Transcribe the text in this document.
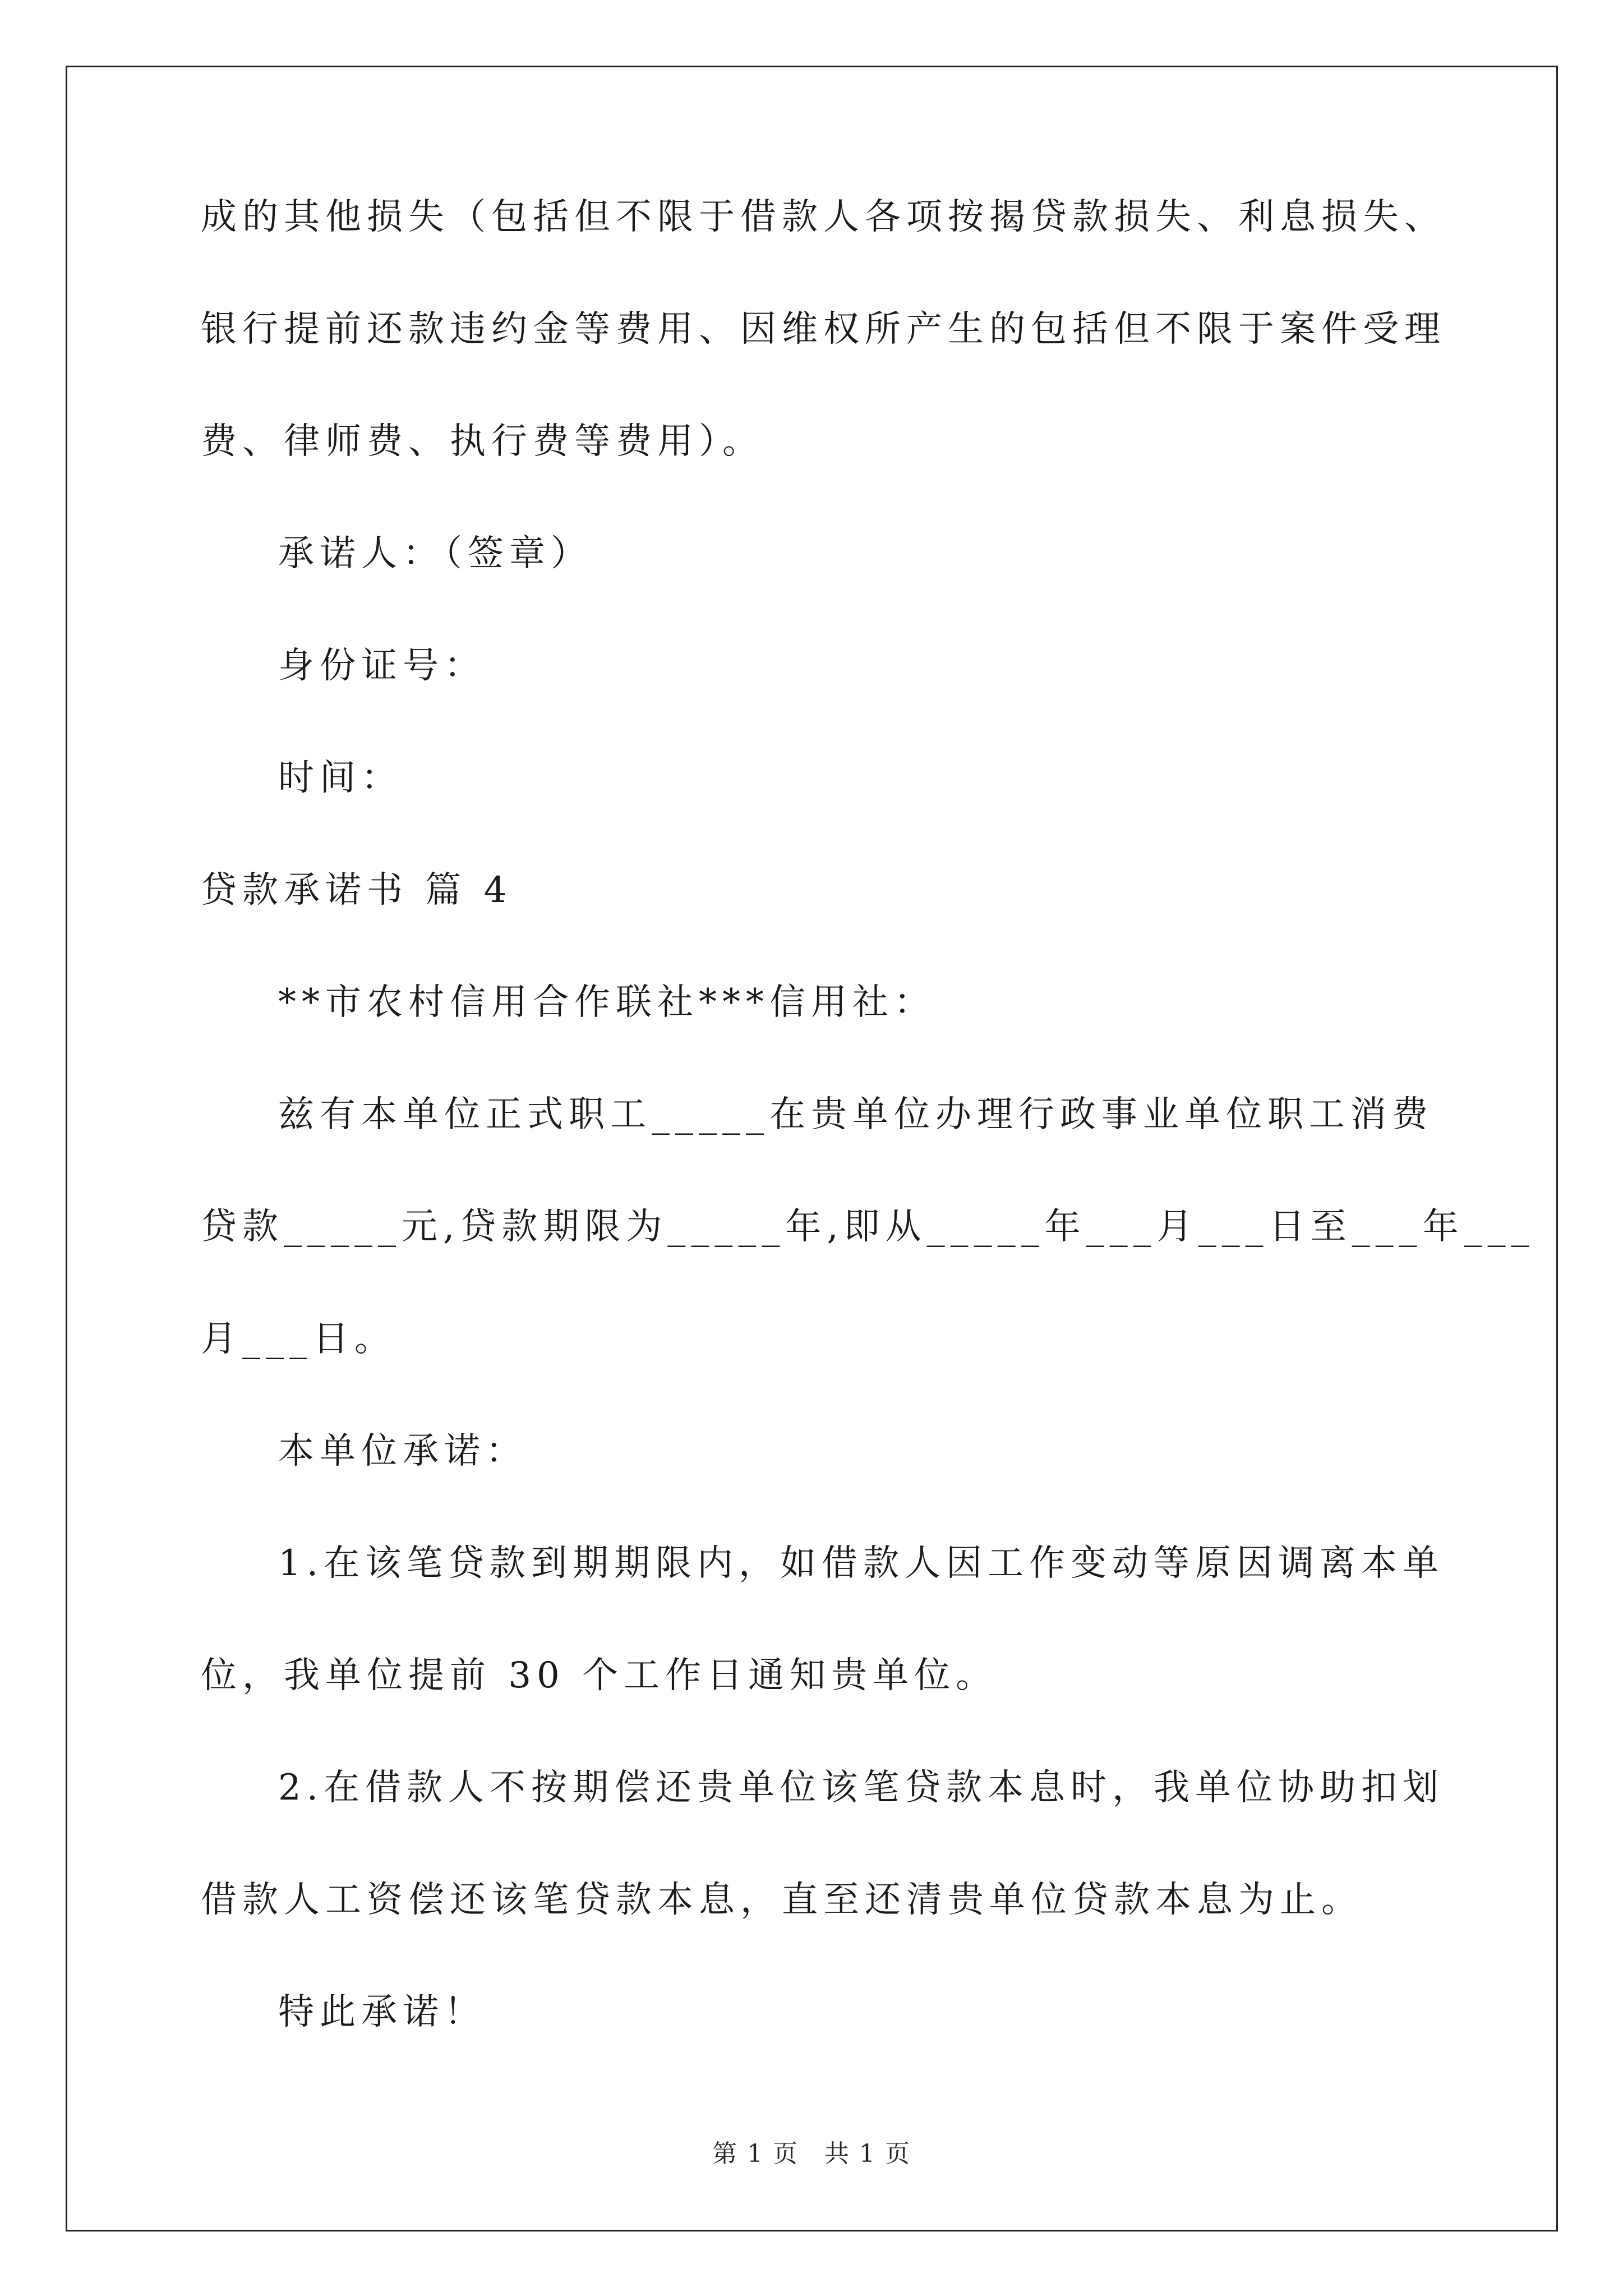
成的其他损失（包括但不限于借款人各项按揭贷款损失、利息损失、
银行提前还款违约金等费用、因维权所产生的包括但不限于案件受理
费、律师费、执行费等费用）。
承诺人：（签章）
身份证号：
时间：
贷款承诺书 篇 4
**市农村信用合作联社***信用社：
兹有本单位正式职工_____在贵单位办理行政事业单位职工消费
贷款_____元,贷款期限为_____年,即从_____年___月___日至___年___
月___日。
本单位承诺：
1.在该笔贷款到期期限内，如借款人因工作变动等原因调离本单
位，我单位提前 30 个工作日通知贵单位。
2.在借款人不按期偿还贵单位该笔贷款本息时，我单位协助扣划
借款人工资偿还该笔贷款本息，直至还清贵单位贷款本息为止。
特此承诺！
第 1 页　共 1 页
